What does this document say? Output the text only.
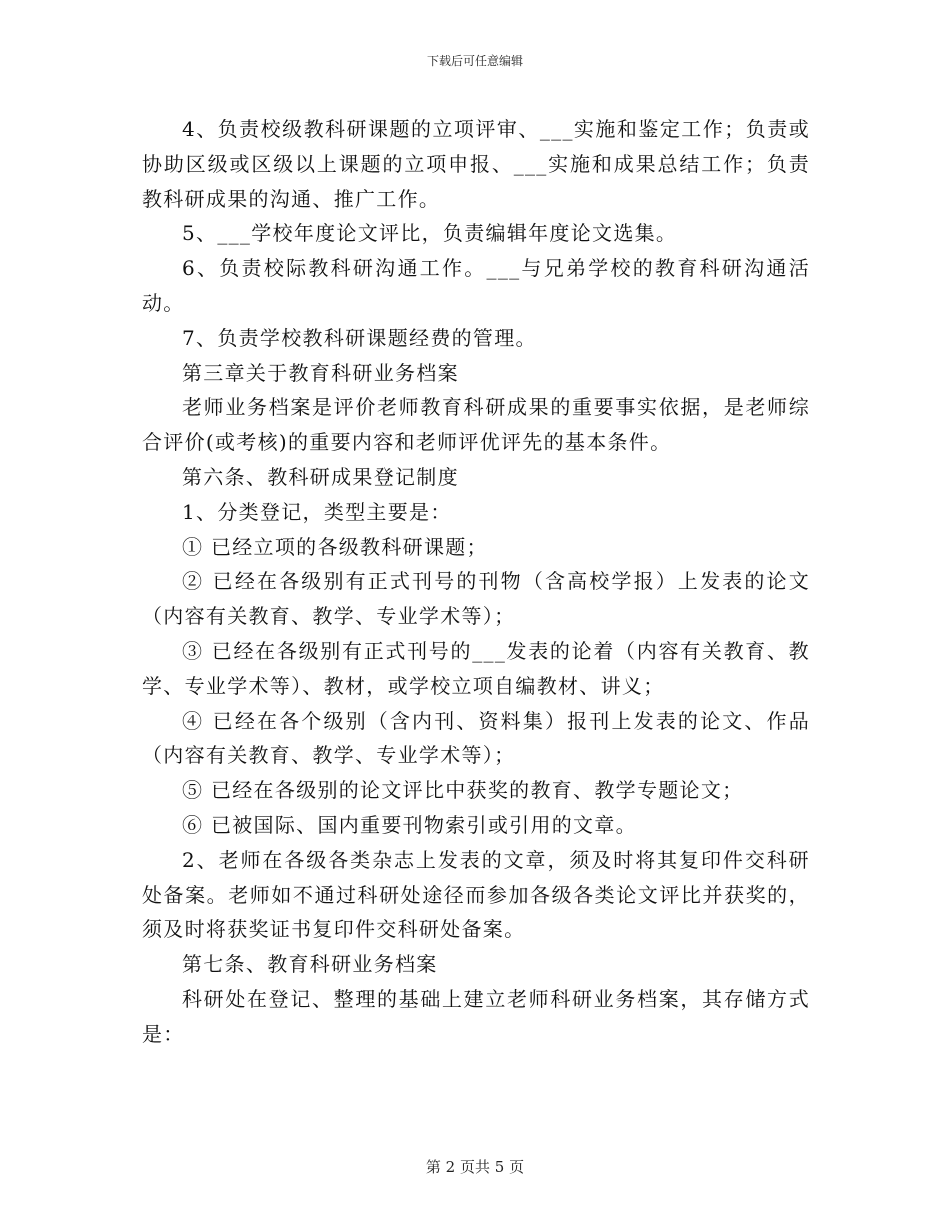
下载后可任意编辑

4、负责校级教科研课题的立项评审、___实施和鉴定工作；负责或协助区级或区级以上课题的立项申报、___实施和成果总结工作；负责教科研成果的沟通、推广工作。

5、___学校年度论文评比，负责编辑年度论文选集。

6、负责校际教科研沟通工作。___与兄弟学校的教育科研沟通活动。

7、负责学校教科研课题经费的管理。

第三章关于教育科研业务档案

老师业务档案是评价老师教育科研成果的重要事实依据，是老师综合评价(或考核)的重要内容和老师评优评先的基本条件。

第六条、教科研成果登记制度

1、分类登记，类型主要是：

① 已经立项的各级教科研课题；

② 已经在各级别有正式刊号的刊物（含高校学报）上发表的论文（内容有关教育、教学、专业学术等）；

③ 已经在各级别有正式刊号的___发表的论着（内容有关教育、教学、专业学术等）、教材，或学校立项自编教材、讲义；

④ 已经在各个级别（含内刊、资料集）报刊上发表的论文、作品（内容有关教育、教学、专业学术等）；

⑤ 已经在各级别的论文评比中获奖的教育、教学专题论文；

⑥ 已被国际、国内重要刊物索引或引用的文章。

2、老师在各级各类杂志上发表的文章，须及时将其复印件交科研处备案。老师如不通过科研处途径而参加各级各类论文评比并获奖的，须及时将获奖证书复印件交科研处备案。

第七条、教育科研业务档案

科研处在登记、整理的基础上建立老师科研业务档案，其存储方式是：

第 2 页共 5 页
